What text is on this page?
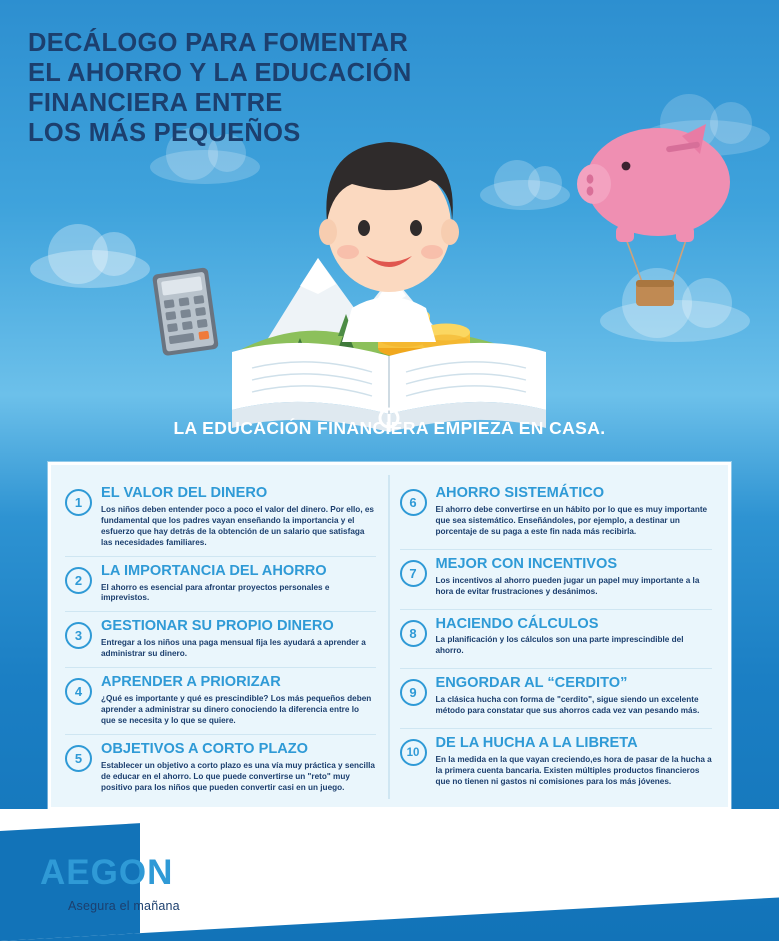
DECÁLOGO PARA FOMENTAR
EL AHORRO Y LA EDUCACIÓN
FINANCIERA ENTRE
LOS MÁS PEQUEÑOS
LA EDUCACIÓN FINANCIERA EMPIEZA EN CASA.
1
EL VALOR DEL DINERO
Los niños deben entender poco a poco el valor del dinero. Por ello, es fundamental que los padres vayan enseñando la importancia y el esfuerzo que hay detrás de la obtención de un salario que satisfaga las necesidades familiares.
2
LA IMPORTANCIA DEL AHORRO
El ahorro es esencial para afrontar proyectos personales e imprevistos.
3
GESTIONAR SU PROPIO DINERO
Entregar a los niños una paga mensual fija les ayudará a aprender a administrar su dinero.
4
APRENDER A PRIORIZAR
¿Qué es importante y qué es prescindible? Los más pequeños deben aprender a administrar su dinero conociendo la diferencia entre lo que se necesita y lo que se quiere.
5
OBJETIVOS A CORTO PLAZO
Establecer un objetivo a corto plazo es una vía muy práctica y sencilla de educar en el ahorro. Lo que puede convertirse un "reto" muy positivo para los niños que pueden convertir casi en un juego.
6
AHORRO SISTEMÁTICO
El ahorro debe convertirse en un hábito por lo que es muy importante que sea sistemático. Enseñándoles, por ejemplo, a destinar un porcentaje de su paga a este fin nada más recibirla.
7
MEJOR CON INCENTIVOS
Los incentivos al ahorro pueden jugar un papel muy importante a la hora de evitar frustraciones y desánimos.
8
HACIENDO CÁLCULOS
La planificación y los cálculos son una parte imprescindible del ahorro.
9
ENGORDAR AL “CERDITO”
La clásica hucha con forma de "cerdito", sigue siendo un excelente método para constatar que sus ahorros cada vez van pesando más.
10
DE LA HUCHA A LA LIBRETA
En la medida en la que vayan creciendo,es hora de pasar de la hucha a la primera cuenta bancaria. Existen múltiples productos financieros que no tienen ni gastos ni comisiones para los más jóvenes.
AEGON
Asegura el mañana
